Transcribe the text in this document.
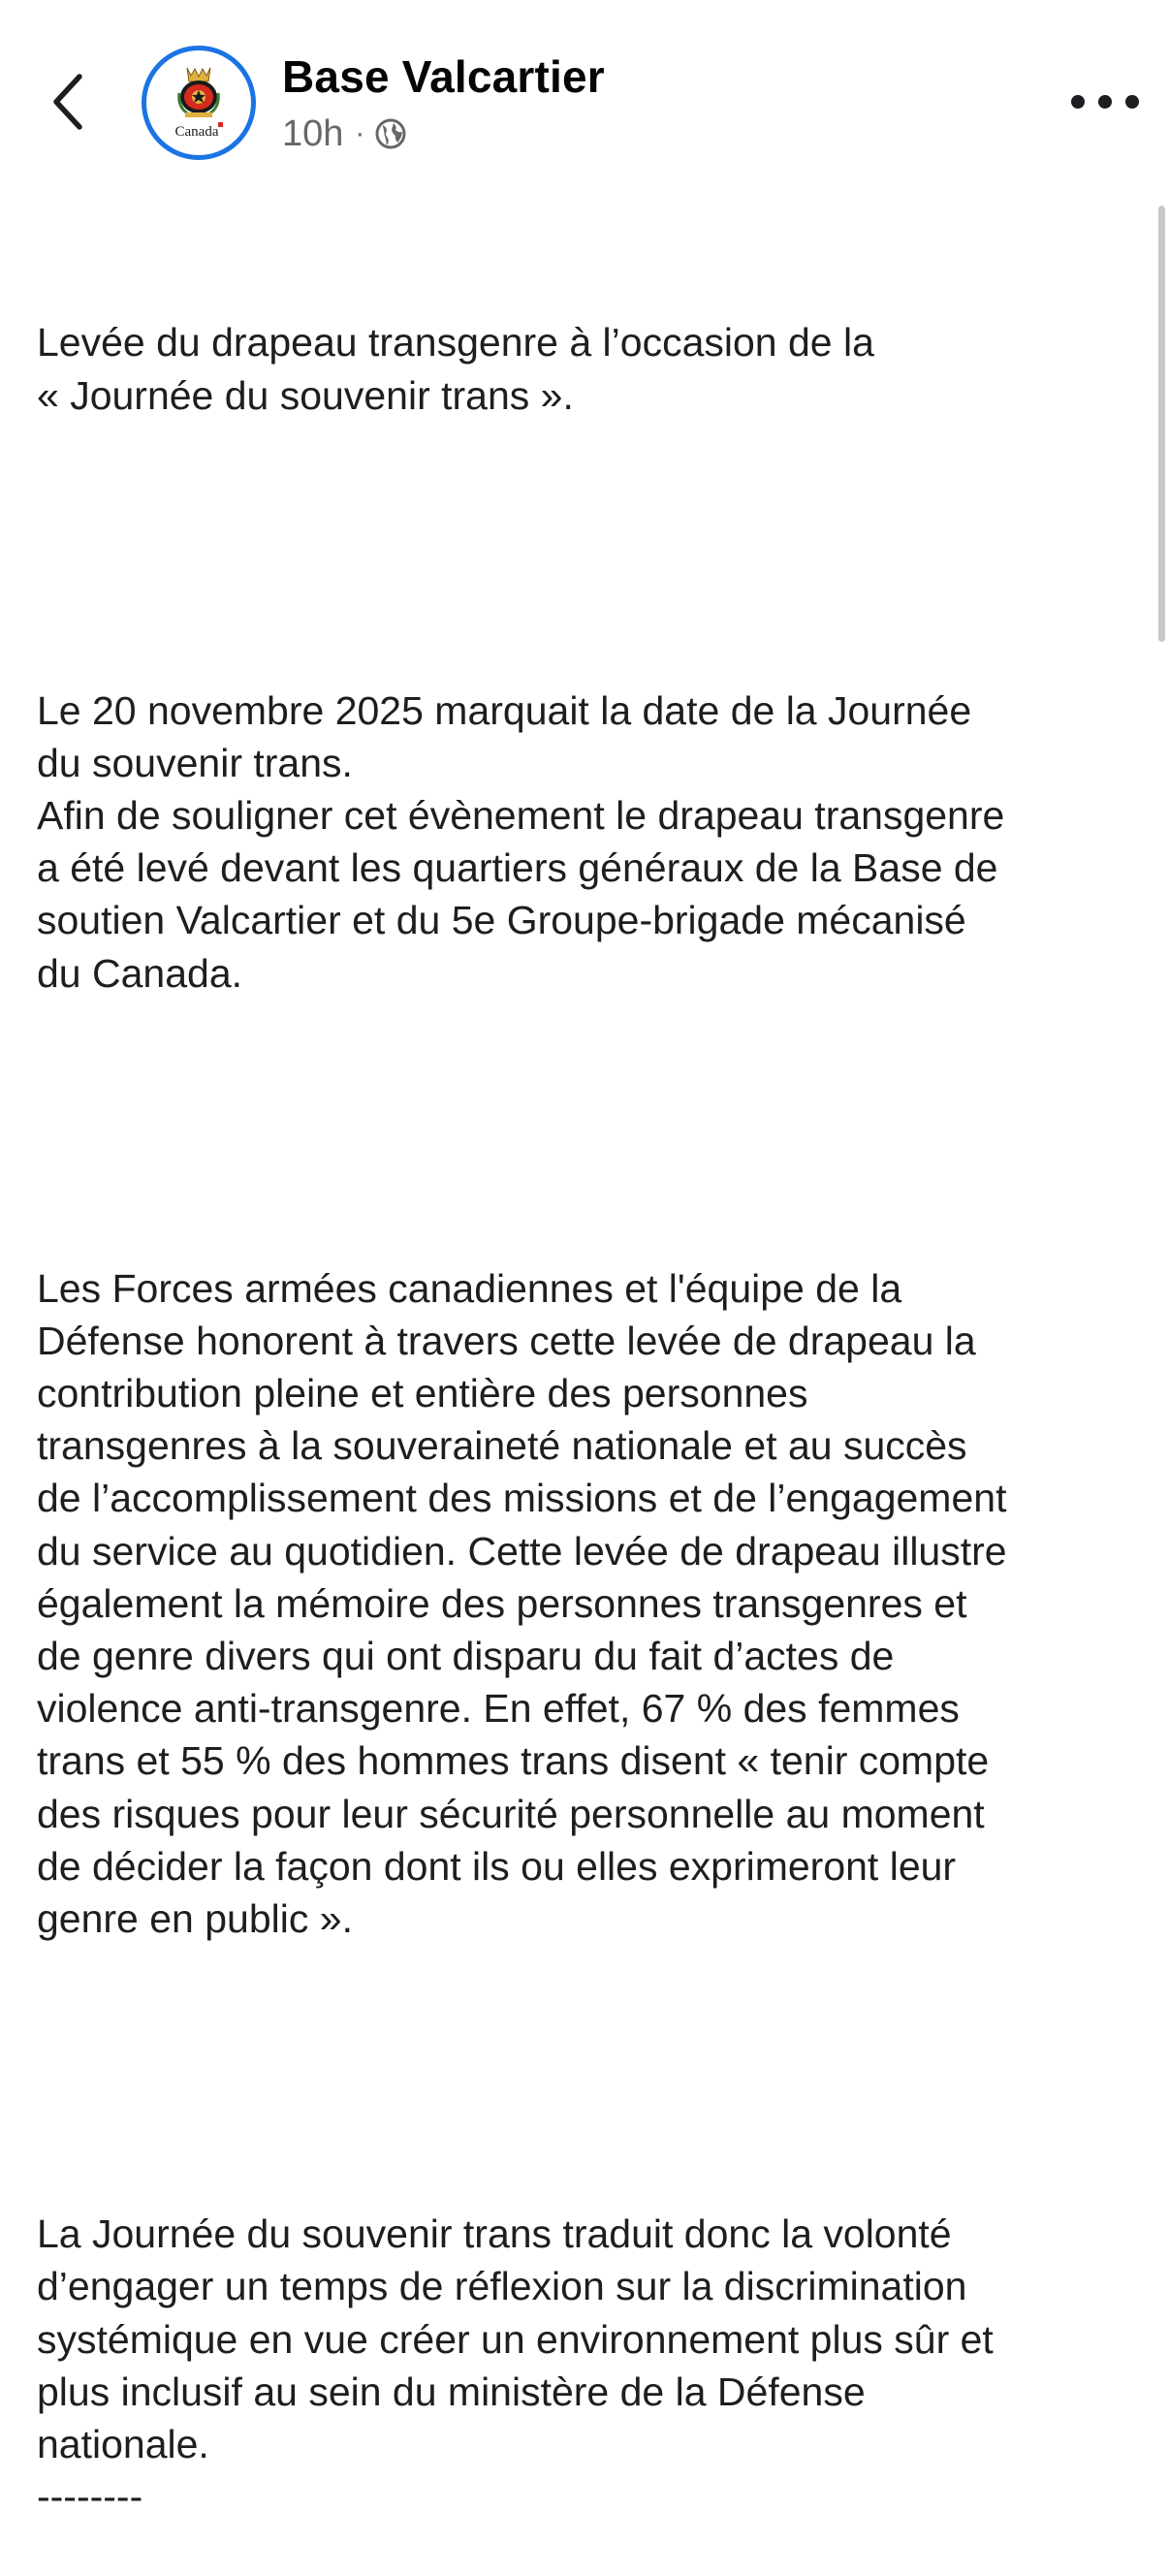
Canada
Base Valcartier
10h ·

Levée du drapeau transgenre à l’occasion de la
« Journée du souvenir trans ».

Le 20 novembre 2025 marquait la date de la Journée
du souvenir trans.
Afin de souligner cet évènement le drapeau transgenre
a été levé devant les quartiers généraux de la Base de
soutien Valcartier et du 5e Groupe-brigade mécanisé
du Canada.

Les Forces armées canadiennes et l'équipe de la
Défense honorent à travers cette levée de drapeau la
contribution pleine et entière des personnes
transgenres à la souveraineté nationale et au succès
de l’accomplissement des missions et de l’engagement
du service au quotidien. Cette levée de drapeau illustre
également la mémoire des personnes transgenres et
de genre divers qui ont disparu du fait d’actes de
violence anti-transgenre. En effet, 67 % des femmes
trans et 55 % des hommes trans disent « tenir compte
des risques pour leur sécurité personnelle au moment
de décider la façon dont ils ou elles exprimeront leur
genre en public ».

La Journée du souvenir trans traduit donc la volonté
d’engager un temps de réflexion sur la discrimination
systémique en vue créer un environnement plus sûr et
plus inclusif au sein du ministère de la Défense
nationale.
--------
